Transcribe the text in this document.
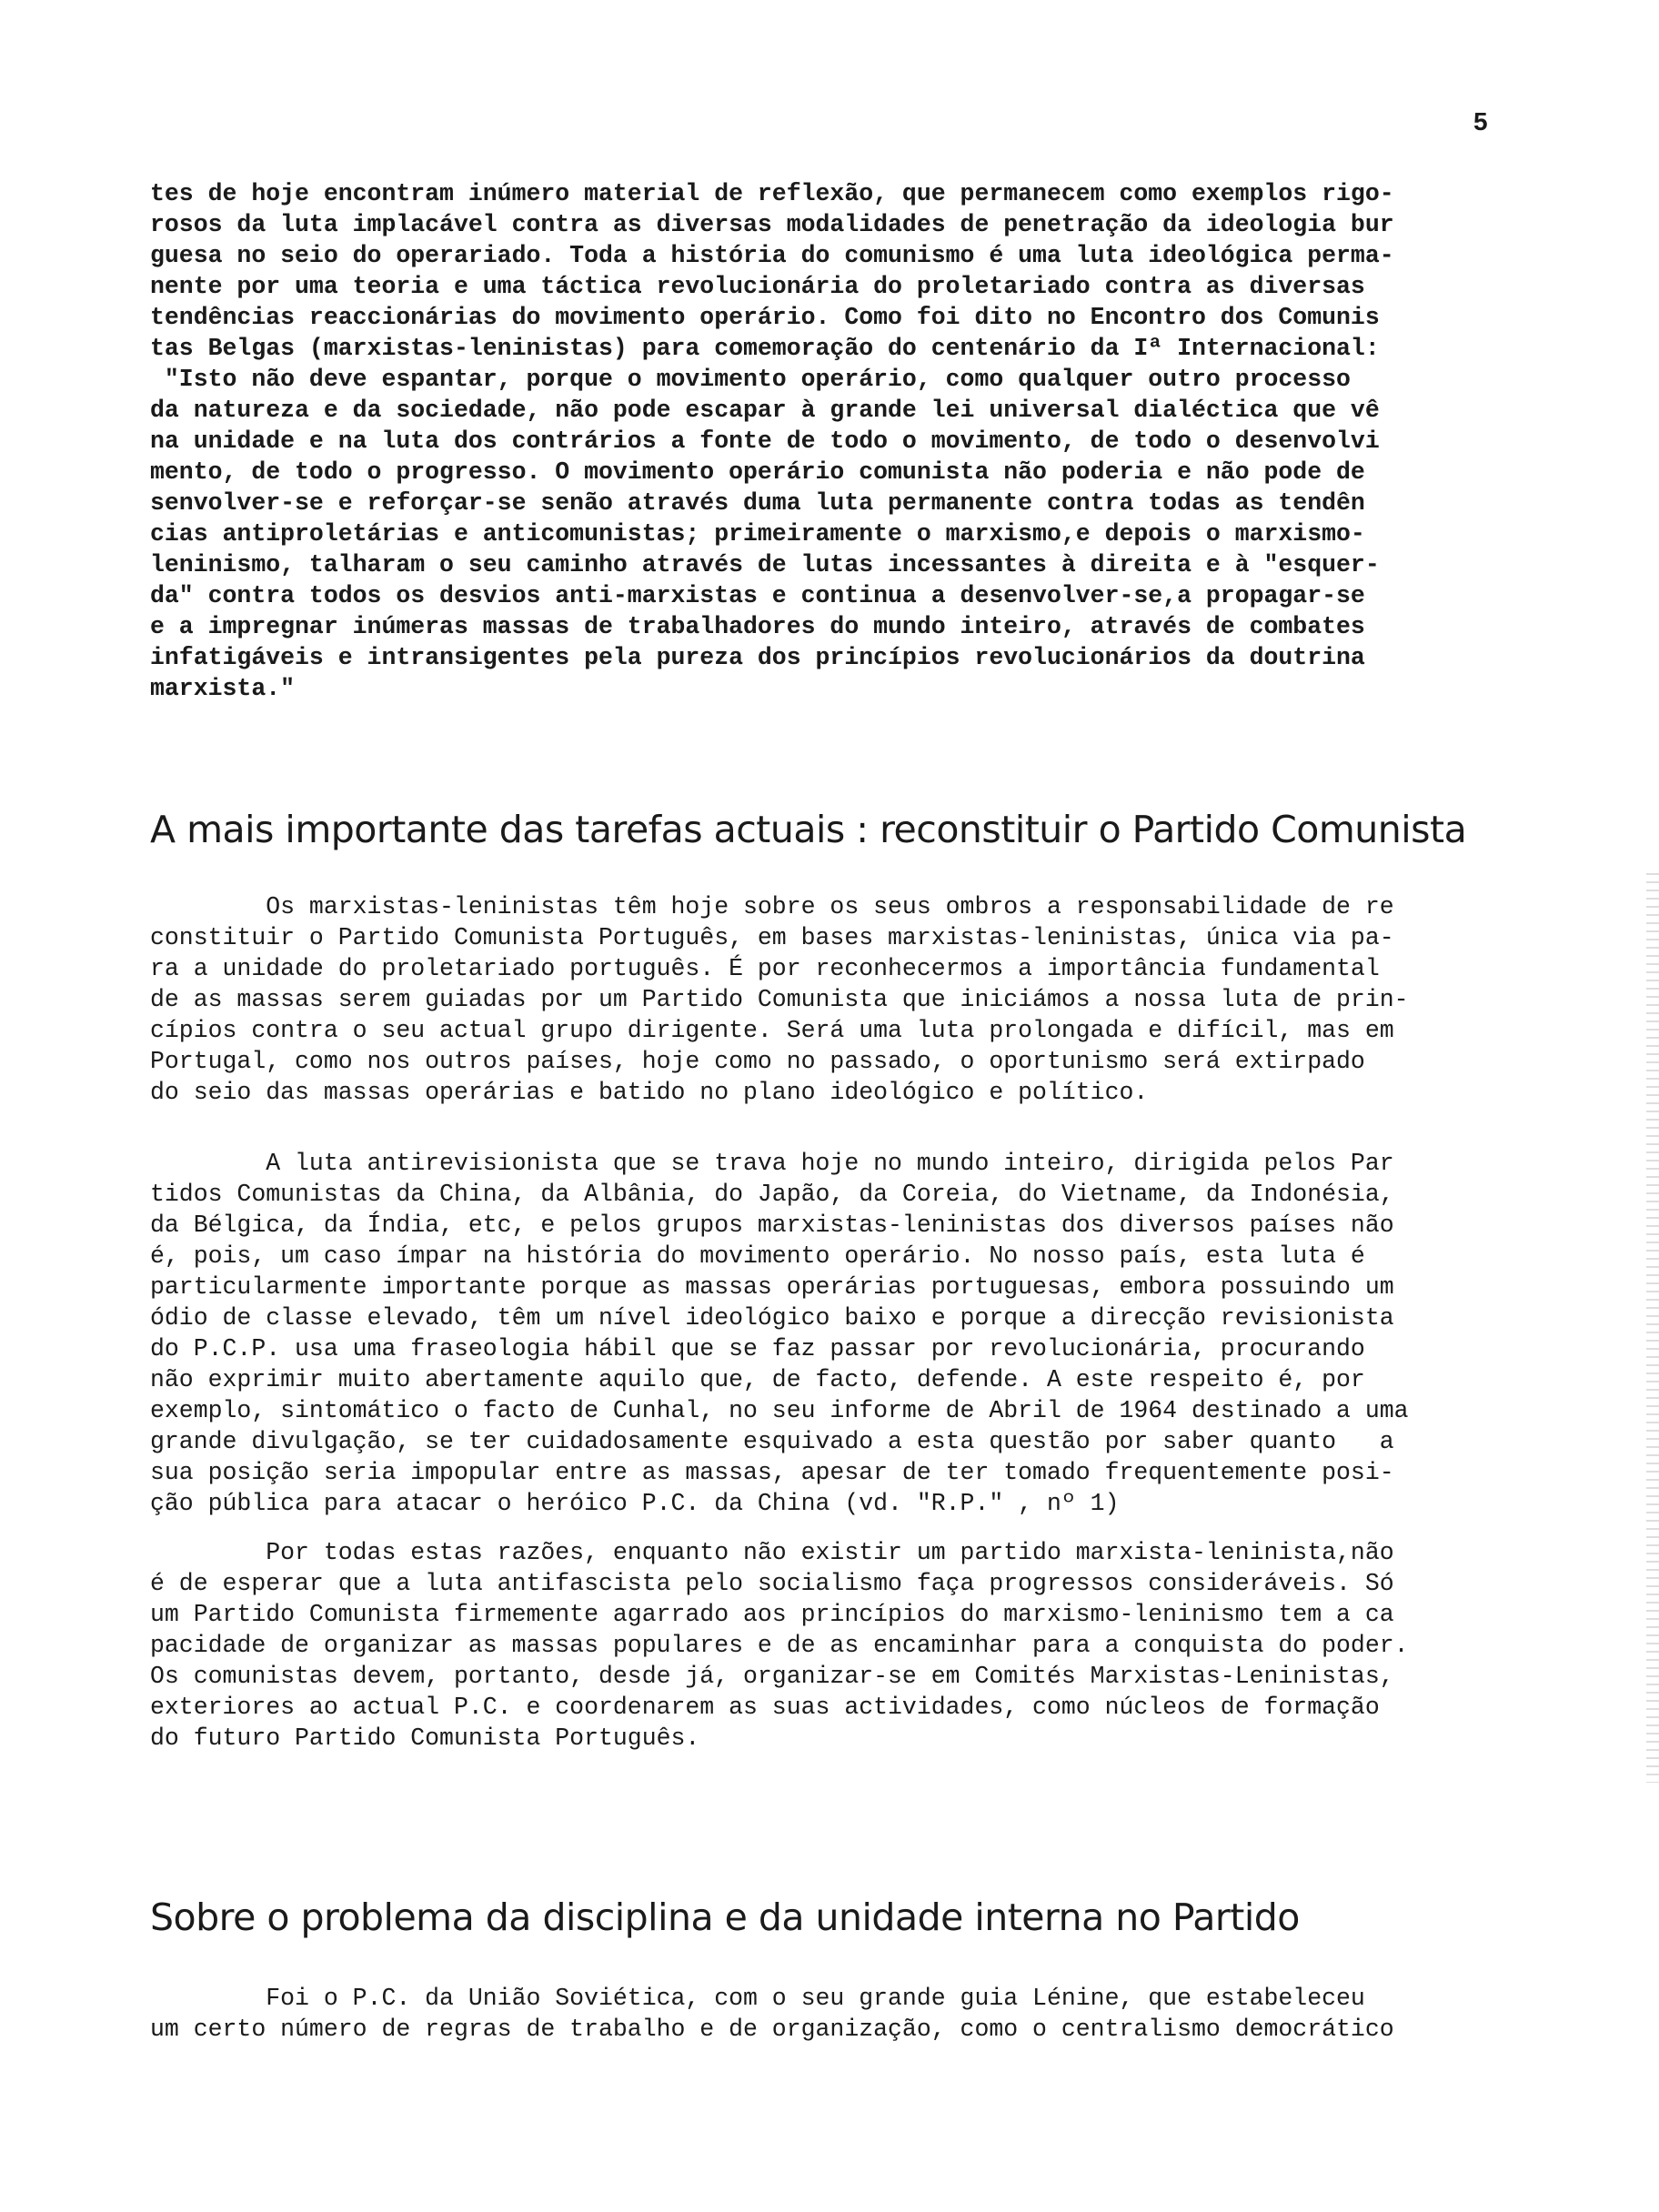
5
tes de hoje encontram inúmero material de reflexão, que permanecem como exemplos rigo-
rosos da luta implacável contra as diversas modalidades de penetração da ideologia bur
guesa no seio do operariado. Toda a história do comunismo é uma luta ideológica perma-
nente por uma teoria e uma táctica revolucionária do proletariado contra as diversas
tendências reaccionárias do movimento operário. Como foi dito no Encontro dos Comunis
tas Belgas (marxistas-leninistas) para comemoração do centenário da Iª Internacional:
"Isto não deve espantar, porque o movimento operário, como qualquer outro processo
da natureza e da sociedade, não pode escapar à grande lei universal dialéctica que vê
na unidade e na luta dos contrários a fonte de todo o movimento, de todo o desenvolvi
mento, de todo o progresso. O movimento operário comunista não poderia e não pode de
senvolver-se e reforçar-se senão através duma luta permanente contra todas as tendên
cias antiproletárias e anticomunistas; primeiramente o marxismo,e depois o marxismo-
leninismo, talharam o seu caminho através de lutas incessantes à direita e à "esquer-
da" contra todos os desvios anti-marxistas e continua a desenvolver-se,a propagar-se
e a impregnar inúmeras massas de trabalhadores do mundo inteiro, através de combates
infatigáveis e intransigentes pela pureza dos princípios revolucionários da doutrina
marxista."
A mais importante das tarefas actuais : reconstituir o Partido Comunista
Os marxistas-leninistas têm hoje sobre os seus ombros a responsabilidade de re
constituir o Partido Comunista Português, em bases marxistas-leninistas, única via pa-
ra a unidade do proletariado português. É por reconhecermos a importância fundamental
de as massas serem guiadas por um Partido Comunista que iniciámos a nossa luta de prin-
cípios contra o seu actual grupo dirigente. Será uma luta prolongada e difícil, mas em
Portugal, como nos outros países, hoje como no passado, o oportunismo será extirpado
do seio das massas operárias e batido no plano ideológico e político.
A luta antirevisionista que se trava hoje no mundo inteiro, dirigida pelos Par
tidos Comunistas da China, da Albânia, do Japão, da Coreia, do Vietname, da Indonésia,
da Bélgica, da Índia, etc, e pelos grupos marxistas-leninistas dos diversos países não
é, pois, um caso ímpar na história do movimento operário. No nosso país, esta luta é
particularmente importante porque as massas operárias portuguesas, embora possuindo um
ódio de classe elevado, têm um nível ideológico baixo e porque a direcção revisionista
do P.C.P. usa uma fraseologia hábil que se faz passar por revolucionária, procurando
não exprimir muito abertamente aquilo que, de facto, defende. A este respeito é, por
exemplo, sintomático o facto de Cunhal, no seu informe de Abril de 1964 destinado a uma
grande divulgação, se ter cuidadosamente esquivado a esta questão por saber quanto   a
sua posição seria impopular entre as massas, apesar de ter tomado frequentemente posi-
ção pública para atacar o heróico P.C. da China (vd. "R.P." , nº 1)
Por todas estas razões, enquanto não existir um partido marxista-leninista,não
é de esperar que a luta antifascista pelo socialismo faça progressos consideráveis. Só
um Partido Comunista firmemente agarrado aos princípios do marxismo-leninismo tem a ca
pacidade de organizar as massas populares e de as encaminhar para a conquista do poder.
Os comunistas devem, portanto, desde já, organizar-se em Comités Marxistas-Leninistas,
exteriores ao actual P.C. e coordenarem as suas actividades, como núcleos de formação
do futuro Partido Comunista Português.
Sobre o problema da disciplina e da unidade interna no Partido
Foi o P.C. da União Soviética, com o seu grande guia Lénine, que estabeleceu
um certo número de regras de trabalho e de organização, como o centralismo democrático
